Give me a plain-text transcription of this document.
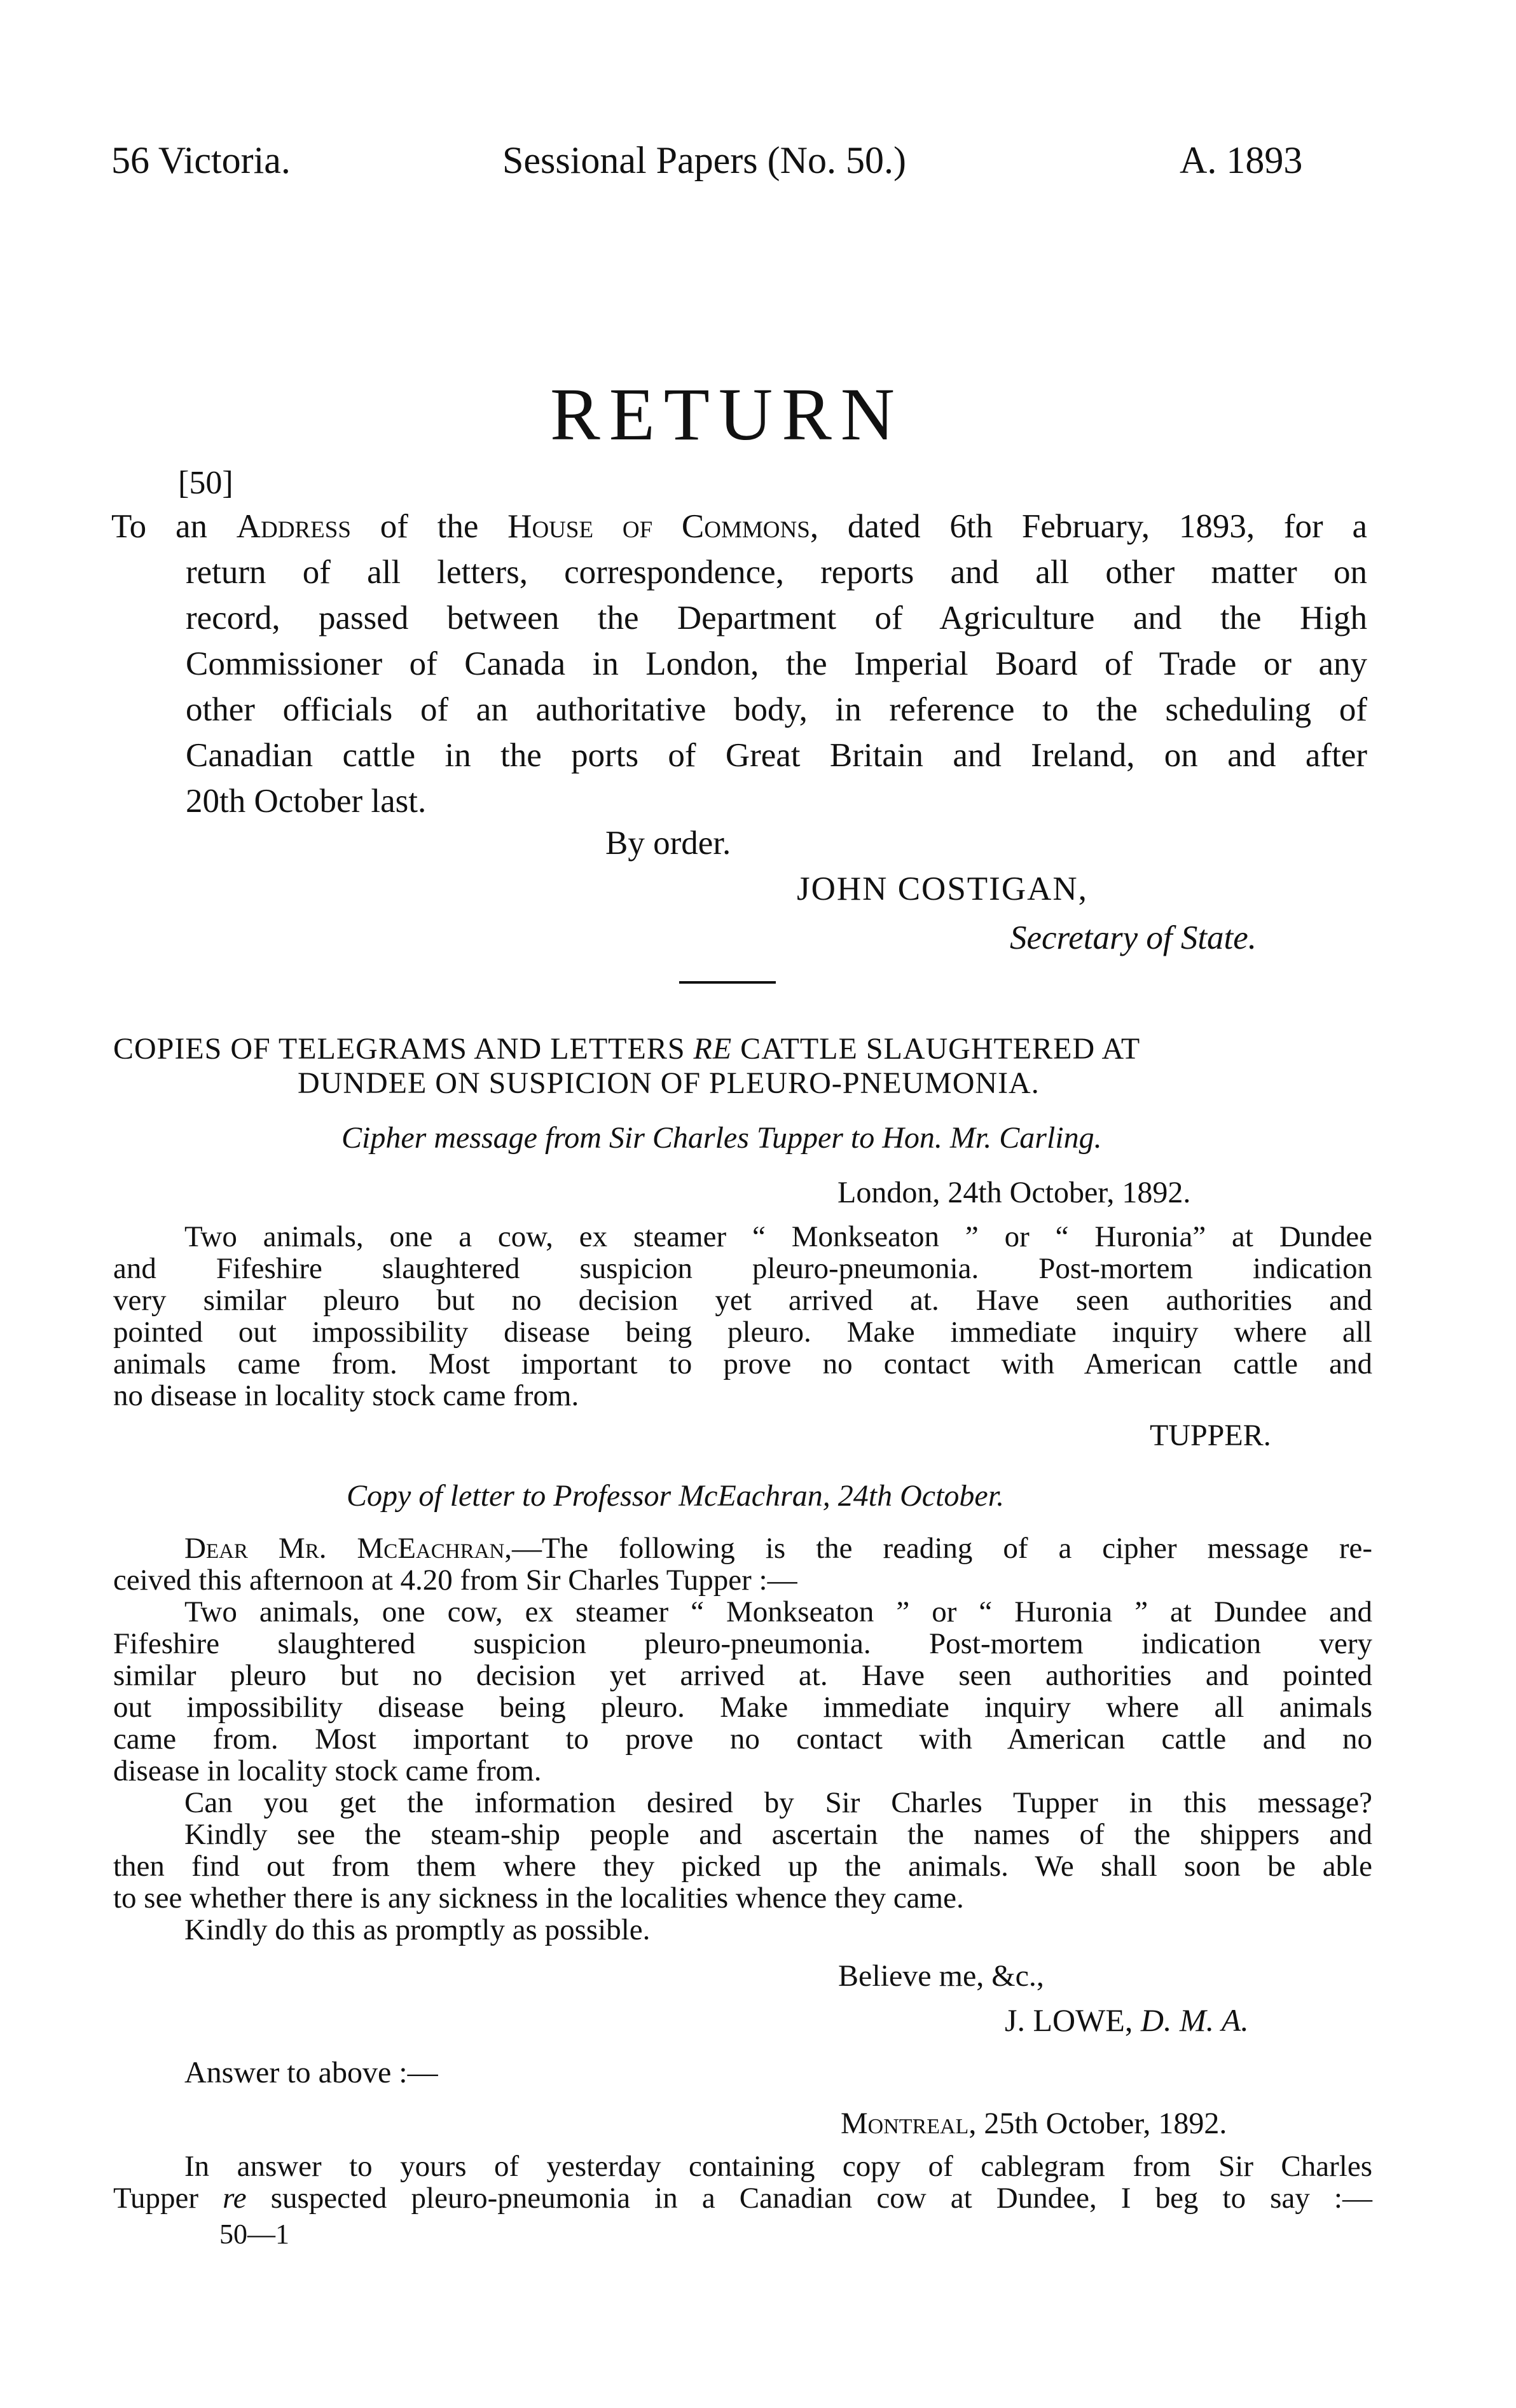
56 Victoria.	Sessional Papers (No. 50.)	A. 1893
RETURN
[50]
To an Address of the House of Commons, dated 6th February, 1893, for a
return of all letters, correspondence, reports and all other matter on
record, passed between the Department of Agriculture and the High
Commissioner of Canada in London, the Imperial Board of Trade or any
other officials of an authoritative body, in reference to the scheduling of
Canadian cattle in the ports of Great Britain and Ireland, on and after
20th October last.
By order.
JOHN COSTIGAN,
Secretary of State.
COPIES OF TELEGRAMS AND LETTERS RE CATTLE SLAUGHTERED AT
DUNDEE ON SUSPICION OF PLEURO-PNEUMONIA.
Cipher message from Sir Charles Tupper to Hon. Mr. Carling.
London, 24th October, 1892.
Two animals, one a cow, ex steamer “ Monkseaton ” or “ Huronia” at Dundee
and Fifeshire slaughtered suspicion pleuro-pneumonia. Post-mortem indication
very similar pleuro but no decision yet arrived at. Have seen authorities and
pointed out impossibility disease being pleuro. Make immediate inquiry where all
animals came from. Most important to prove no contact with American cattle and
no disease in locality stock came from.
TUPPER.
Copy of letter to Professor McEachran, 24th October.
Dear Mr. McEachran,—The following is the reading of a cipher message re-
ceived this afternoon at 4.20 from Sir Charles Tupper :—
Two animals, one cow, ex steamer “ Monkseaton ” or “ Huronia ” at Dundee and
Fifeshire slaughtered suspicion pleuro-pneumonia. Post-mortem indication very
similar pleuro but no decision yet arrived at. Have seen authorities and pointed
out impossibility disease being pleuro. Make immediate inquiry where all animals
came from. Most important to prove no contact with American cattle and no
disease in locality stock came from.
Can you get the information desired by Sir Charles Tupper in this message?
Kindly see the steam-ship people and ascertain the names of the shippers and
then find out from them where they picked up the animals. We shall soon be able
to see whether there is any sickness in the localities whence they came.
Kindly do this as promptly as possible.
Believe me, &c.,
J. LOWE, D. M. A.
Answer to above :—
Montreal, 25th October, 1892.
In answer to yours of yesterday containing copy of cablegram from Sir Charles
Tupper re suspected pleuro-pneumonia in a Canadian cow at Dundee, I beg to say :—
50—1
